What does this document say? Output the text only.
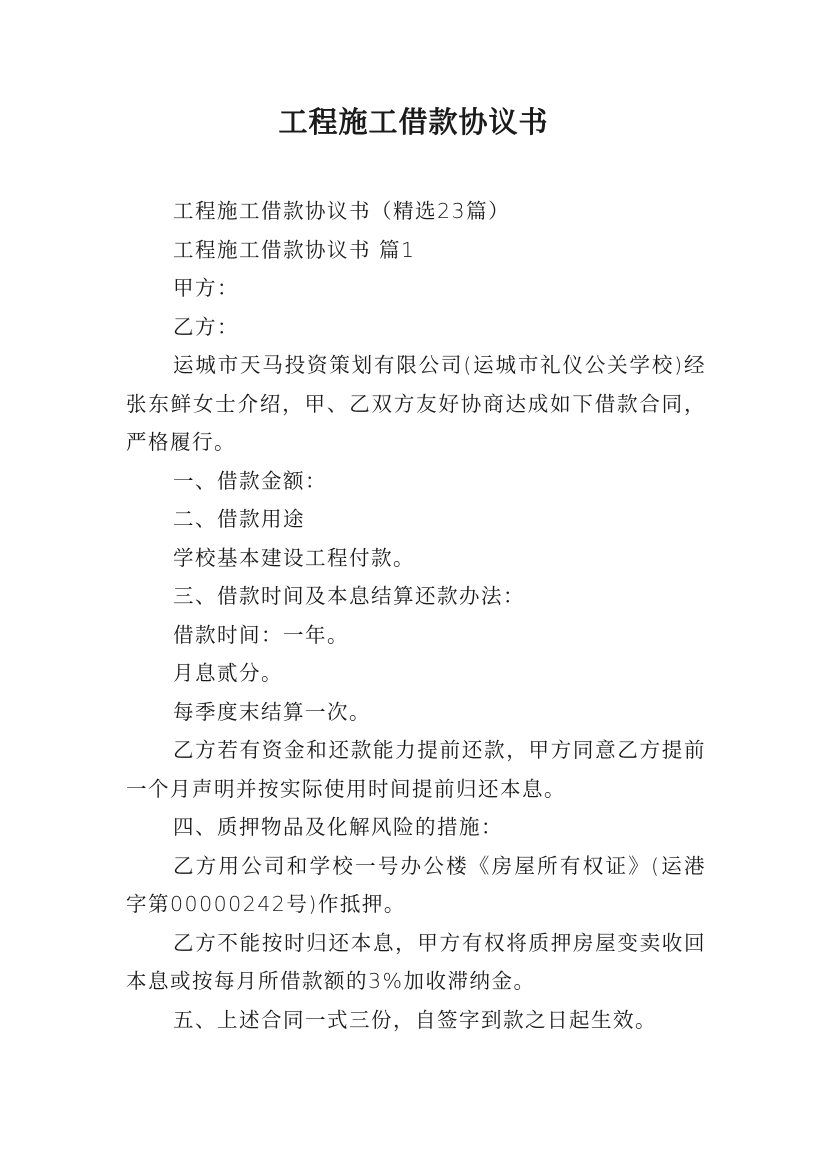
工程施工借款协议书

工程施工借款协议书（精选23篇）

工程施工借款协议书 篇1

甲方：

乙方：

运城市天马投资策划有限公司(运城市礼仪公关学校)经张东鲜女士介绍，甲、乙双方友好协商达成如下借款合同，严格履行。

一、借款金额：

二、借款用途

学校基本建设工程付款。

三、借款时间及本息结算还款办法：

借款时间：一年。

月息贰分。

每季度末结算一次。

乙方若有资金和还款能力提前还款，甲方同意乙方提前一个月声明并按实际使用时间提前归还本息。

四、质押物品及化解风险的措施：

乙方用公司和学校一号办公楼《房屋所有权证》(运港字第00000242号)作抵押。

乙方不能按时归还本息，甲方有权将质押房屋变卖收回本息或按每月所借款额的3%加收滞纳金。

五、上述合同一式三份，自签字到款之日起生效。
